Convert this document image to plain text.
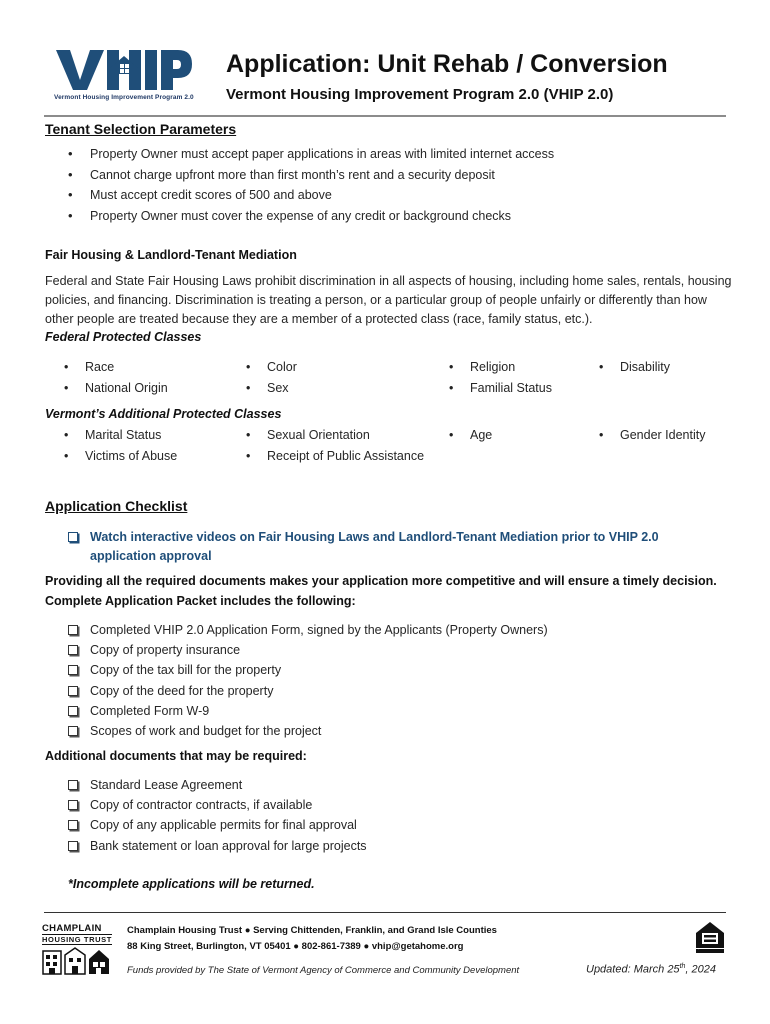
Vermont Housing Improvement Program 2.0
Application: Unit Rehab / Conversion
Vermont Housing Improvement Program 2.0 (VHIP 2.0)
Tenant Selection Parameters
• Property Owner must accept paper applications in areas with limited internet access
• Cannot charge upfront more than first month’s rent and a security deposit
• Must accept credit scores of 500 and above
• Property Owner must cover the expense of any credit or background checks
Fair Housing & Landlord-Tenant Mediation
Federal and State Fair Housing Laws prohibit discrimination in all aspects of housing, including home sales, rentals, housing policies, and financing. Discrimination is treating a person, or a particular group of people unfairly or differently than how other people are treated because they are a member of a protected class (race, family status, etc.).
Federal Protected Classes
• Race	• Color	• Religion	• Disability
• National Origin	• Sex	• Familial Status
Vermont’s Additional Protected Classes
• Marital Status	• Sexual Orientation	• Age	• Gender Identity
• Victims of Abuse	• Receipt of Public Assistance
Application Checklist
Watch interactive videos on Fair Housing Laws and Landlord-Tenant Mediation prior to VHIP 2.0 application approval
Providing all the required documents makes your application more competitive and will ensure a timely decision.
Complete Application Packet includes the following:
Completed VHIP 2.0 Application Form, signed by the Applicants (Property Owners)
Copy of property insurance
Copy of the tax bill for the property
Copy of the deed for the property
Completed Form W-9
Scopes of work and budget for the project
Additional documents that may be required:
Standard Lease Agreement
Copy of contractor contracts, if available
Copy of any applicable permits for final approval
Bank statement or loan approval for large projects
*Incomplete applications will be returned.
CHAMPLAIN
HOUSING TRUST
Champlain Housing Trust ● Serving Chittenden, Franklin, and Grand Isle Counties
88 King Street, Burlington, VT 05401 ● 802-861-7389 ● vhip@getahome.org
Funds provided by The State of Vermont Agency of Commerce and Community Development	Updated: March 25th, 2024
EQUAL HOUSING OPPORTUNITY
